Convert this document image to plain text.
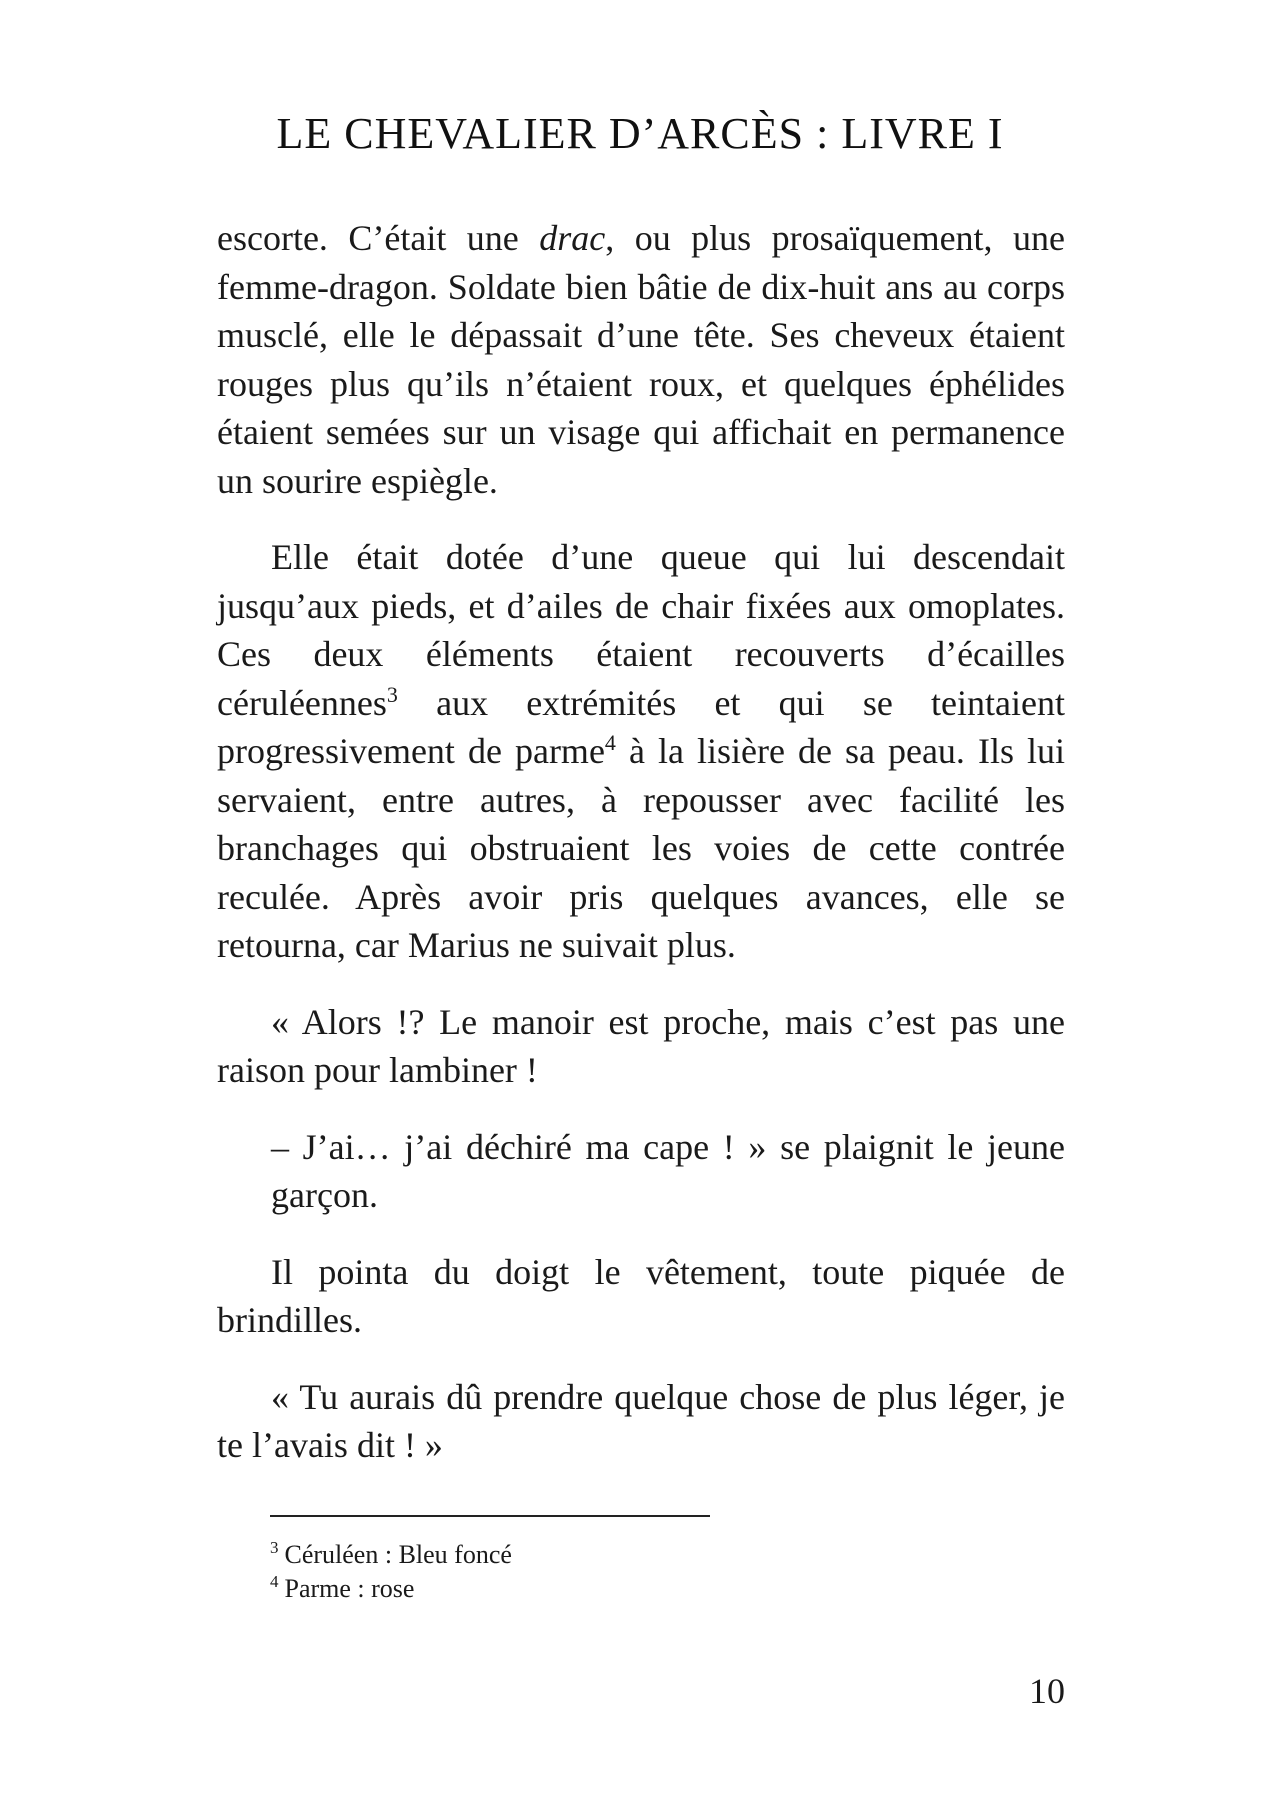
LE CHEVALIER D’ARCÈS : LIVRE I

escorte. C’était une drac, ou plus prosaïquement, une femme-dragon. Soldate bien bâtie de dix-huit ans au corps musclé, elle le dépassait d’une tête. Ses cheveux étaient rouges plus qu’ils n’étaient roux, et quelques éphélides étaient semées sur un visage qui affichait en permanence un sourire espiègle.

Elle était dotée d’une queue qui lui descendait jusqu’aux pieds, et d’ailes de chair fixées aux omoplates. Ces deux éléments étaient recouverts d’écailles céruléennes$^3$ aux extrémités et qui se teintaient progressivement de parme$^4$ à la lisière de sa peau. Ils lui servaient, entre autres, à repousser avec facilité les branchages qui obstruaient les voies de cette contrée reculée. Après avoir pris quelques avances, elle se retourna, car Marius ne suivait plus.

« Alors !? Le manoir est proche, mais c’est pas une raison pour lambiner !

– J’ai… j’ai déchiré ma cape ! » se plaignit le jeune garçon.

Il pointa du doigt le vêtement, toute piquée de brindilles.

« Tu aurais dû prendre quelque chose de plus léger, je te l’avais dit ! »

$^3$ Céruléen : Bleu foncé
$^4$ Parme : rose
10
